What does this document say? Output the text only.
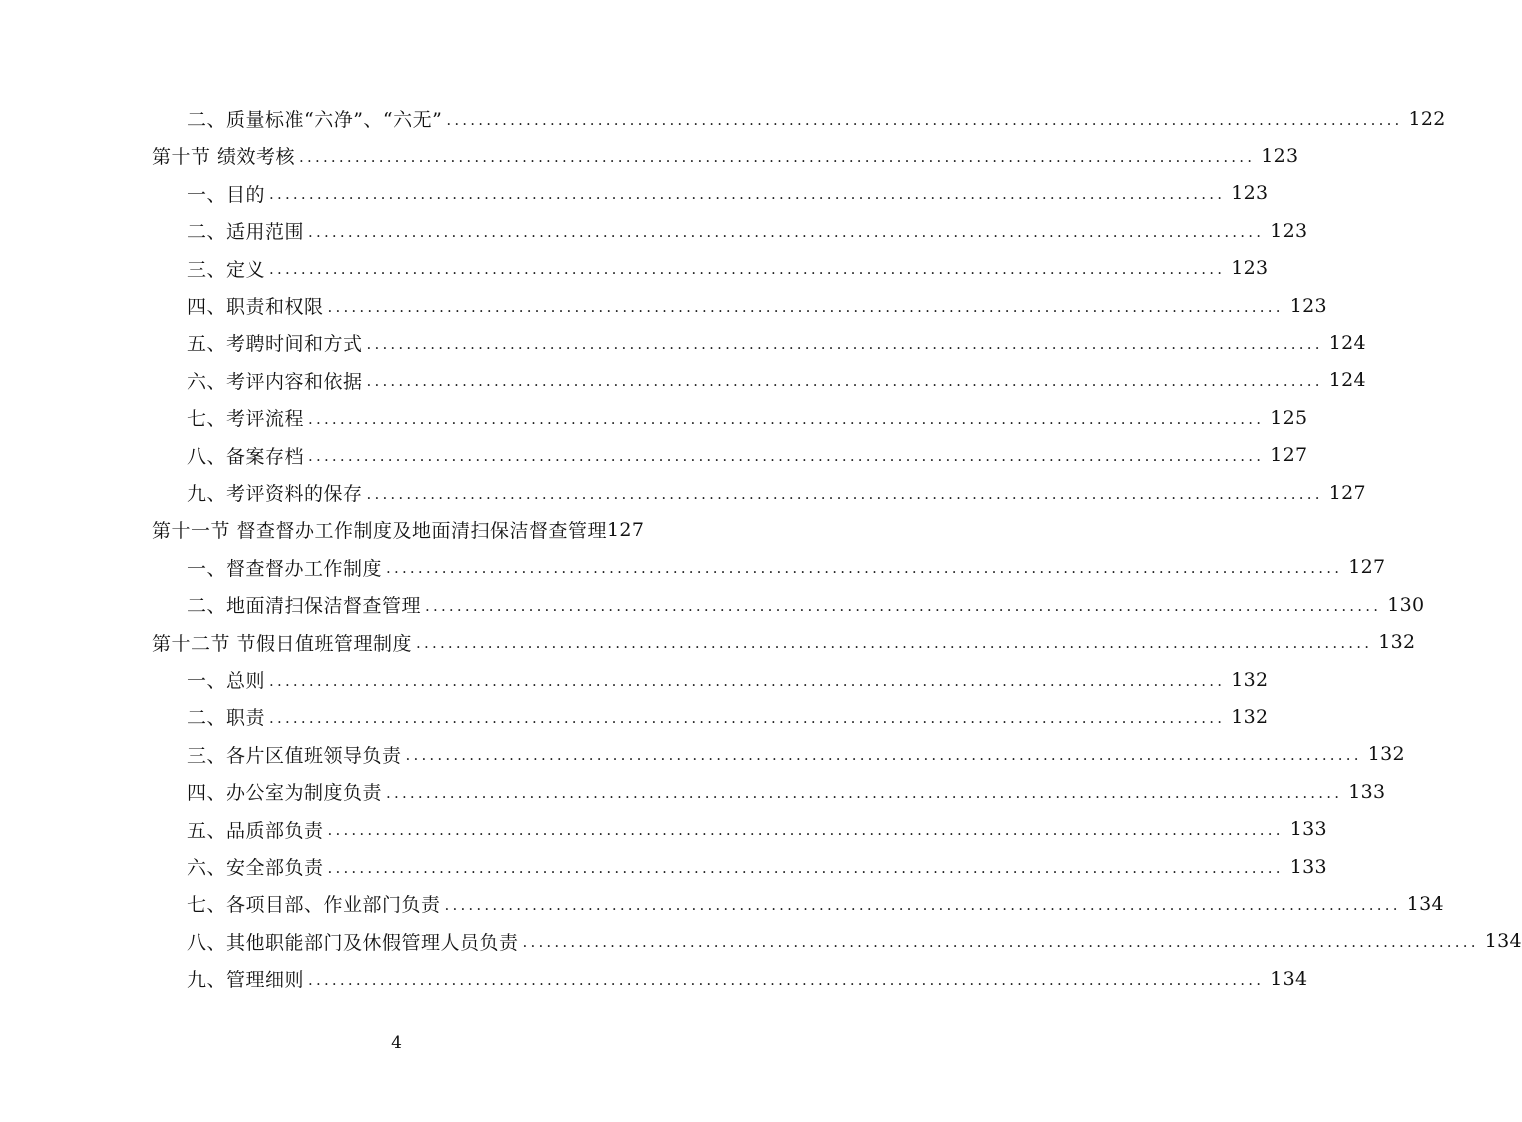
二、质量标准“六净”、“六无” ........................................................................................................................ 122
第十节 绩效考核 ........................................................................................................................ 123
一、目的 ........................................................................................................................ 123
二、适用范围 ........................................................................................................................ 123
三、定义 ........................................................................................................................ 123
四、职责和权限 ........................................................................................................................ 123
五、考聘时间和方式 ........................................................................................................................ 124
六、考评内容和依据 ........................................................................................................................ 124
七、考评流程 ........................................................................................................................ 125
八、备案存档 ........................................................................................................................ 127
九、考评资料的保存 ........................................................................................................................ 127
第十一节 督查督办工作制度及地面清扫保洁督查管理 127
一、督查督办工作制度 ........................................................................................................................ 127
二、地面清扫保洁督查管理 ........................................................................................................................ 130
第十二节 节假日值班管理制度 ........................................................................................................................ 132
一、总则 ........................................................................................................................ 132
二、职责 ........................................................................................................................ 132
三、各片区值班领导负责 ........................................................................................................................ 132
四、办公室为制度负责 ........................................................................................................................ 133
五、品质部负责 ........................................................................................................................ 133
六、安全部负责 ........................................................................................................................ 133
七、各项目部、作业部门负责 ........................................................................................................................ 134
八、其他职能部门及休假管理人员负责 ........................................................................................................................ 134
九、管理细则 ........................................................................................................................ 134
4
